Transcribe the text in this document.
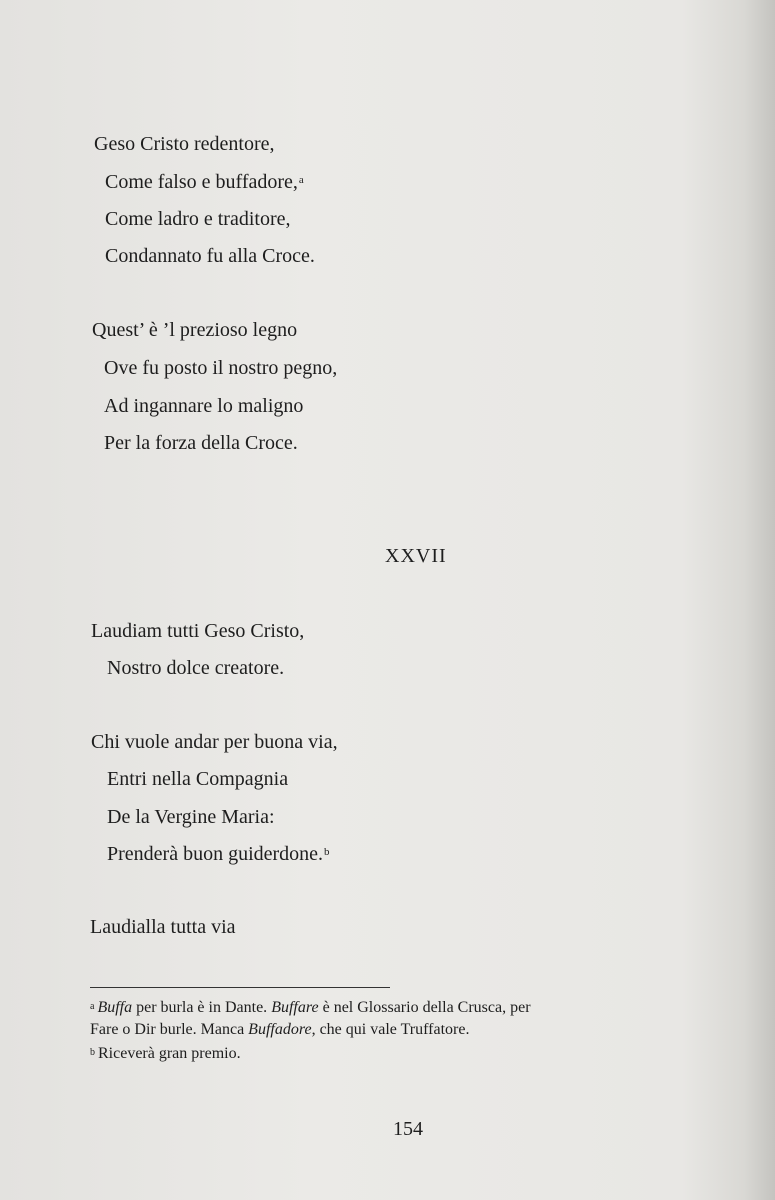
Geso Cristo redentore,
Come falso e buffadore,$^a$
Come ladro e traditore,
Condannato fu alla Croce.
Quest’ è ’l prezioso legno
Ove fu posto il nostro pegno,
Ad ingannare lo maligno
Per la forza della Croce.
XXVII
Laudiam tutti Geso Cristo,
Nostro dolce creatore.
Chi vuole andar per buona via,
Entri nella Compagnia
De la Vergine Maria:
Prenderà buon guiderdone.$^b$
Laudialla tutta via
$^a$ Buffa per burla è in Dante. Buffare è nel Glossario della Crusca, per Fare o Dir burle. Manca Buffadore, che qui vale Truffatore.
$^b$ Riceverà gran premio.
154
